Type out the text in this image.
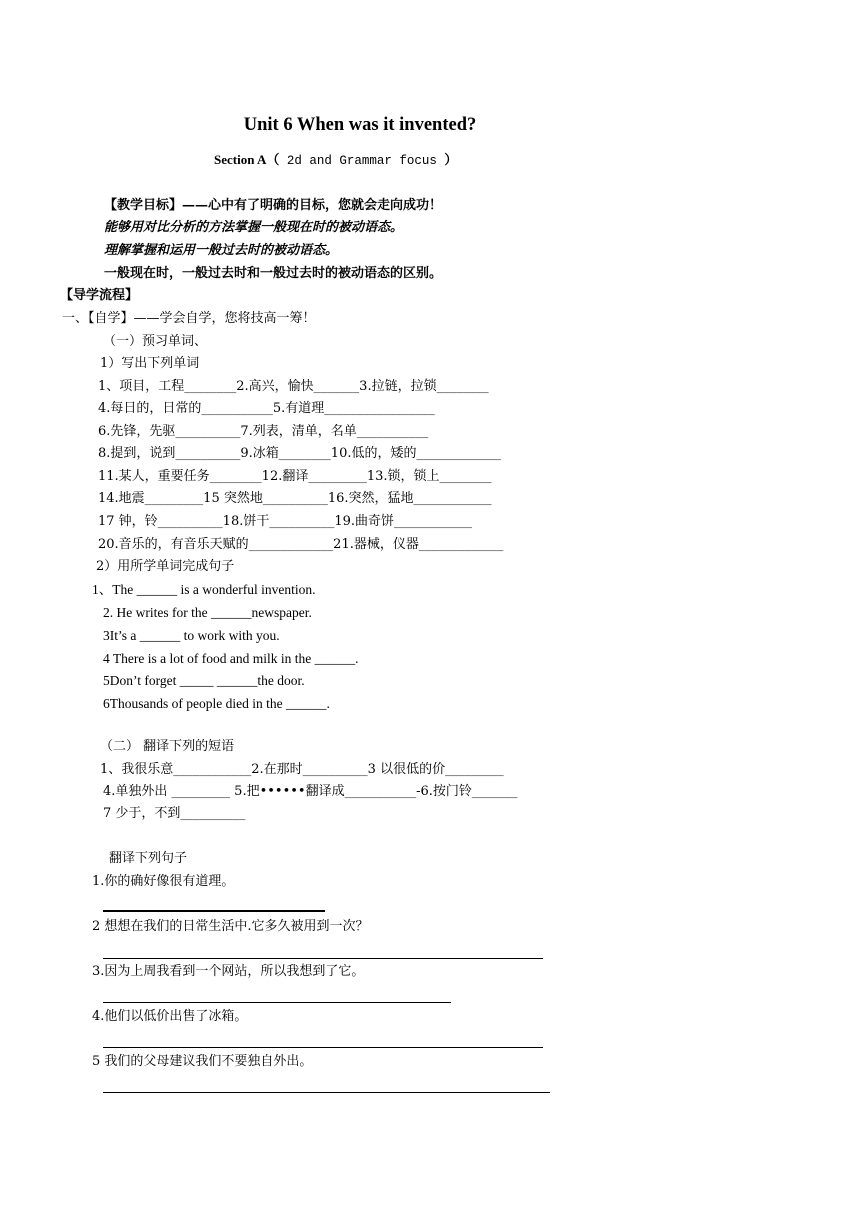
Unit 6 When was it invented?
Section A（ 2d and Grammar focus ）
【教学目标】——心中有了明确的目标，您就会走向成功！
能够用对比分析的方法掌握一般现在时的被动语态。
理解掌握和运用一般过去时的被动语态。
一般现在时，一般过去时和一般过去时的被动语态的区别。
【导学流程】
一、【自学】——学会自学，您将技高一筹！
（一）预习单词、
1）写出下列单词
1、项目，工程________2.高兴，愉快_______3.拉链，拉锁________
4.每日的，日常的___________5.有道理_________________
6.先锋，先驱__________7.列表，清单，名单___________
8.提到，说到__________9.冰箱________10.低的，矮的_____________
11.某人，重要任务________12.翻译_________13.锁，锁上________
14.地震_________15 突然地__________16.突然，猛地____________
17 钟，铃__________18.饼干__________19.曲奇饼____________
20.音乐的，有音乐天赋的_____________21.器械，仪器_____________
2）用所学单词完成句子
1、The ______ is a wonderful invention.
2. He writes for the ______newspaper.
3It’s a ______ to work with you.
4 There is a lot of food and milk in the ______.
5Don’t forget _____ ______the door.
6Thousands of people died in the ______.
（二） 翻译下列的短语
1、我很乐意____________2.在那时__________3 以很低的价_________
4.单独外出 _________ 5.把••••••翻译成___________-6.按门铃_______
7 少于，不到__________
翻译下列句子
1.你的确好像很有道理。
2 想想在我们的日常生活中.它多久被用到一次？
3.因为上周我看到一个网站，所以我想到了它。
4.他们以低价出售了冰箱。
5 我们的父母建议我们不要独自外出。
